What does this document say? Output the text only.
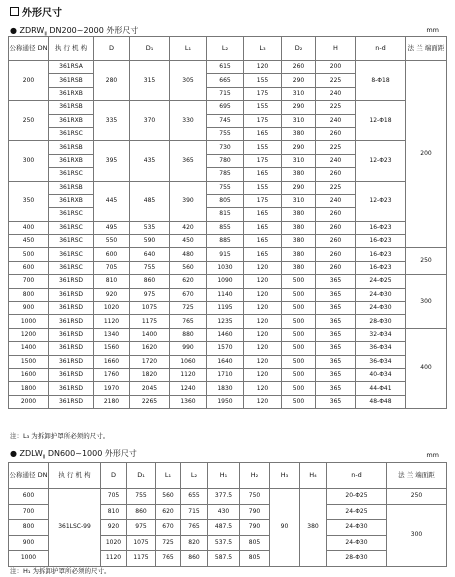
外形尺寸
● $ZDRW_Ⅱ$ DN200~2000 外形尺寸	mm
公称通径 DN	执 行 机 构	D	D₁	L₁	L₂	L₃	D₂	H	n-d	法 兰 端面距
200	361RSA	280	315	305	615	120	260	200	8-Φ18	200
	361RSB				665	155	290	225		
	361RXB				715	175	310	240		
250	361RSB	335	370	330	695	155	290	225	12-Φ18	
	361RXB				745	175	310	240		
	361RSC				755	165	380	260		
300	361RSB	395	435	365	730	155	290	225	12-Φ23	
	361RXB				780	175	310	240		
	361RSC				785	165	380	260		
350	361RSB	445	485	390	755	155	290	225	12-Φ23	
	361RXB				805	175	310	240		
	361RSC				815	165	380	260		
400	361RSC	495	535	420	855	165	380	260	16-Φ23	
450	361RSC	550	590	450	885	165	380	260	16-Φ23	
500	361RSC	600	640	480	915	165	380	260	16-Φ23	250
600	361RSC	705	755	560	1030	120	380	260	16-Φ23	
700	361RSD	810	860	620	1090	120	500	365	24-Φ25	300
800	361RSD	920	975	670	1140	120	500	365	24-Φ30	
900	361RSD	1020	1075	725	1195	120	500	365	24-Φ30	
1000	361RSD	1120	1175	765	1235	120	500	365	28-Φ30	
1200	361RSD	1340	1400	880	1460	120	500	365	32-Φ34	400
1400	361RSD	1560	1620	990	1570	120	500	365	36-Φ34	
1500	361RSD	1660	1720	1060	1640	120	500	365	36-Φ34	
1600	361RSD	1760	1820	1120	1710	120	500	365	40-Φ34	
1800	361RSD	1970	2045	1240	1830	120	500	365	44-Φ41	
2000	361RSD	2180	2265	1360	1950	120	500	365	48-Φ48	
注：L₃ 为拆卸护罩所必须的尺寸。
● $ZDLW_Ⅱ$ DN600~1000 外形尺寸	mm
公称通径 DN	执 行 机 构	D	D₁	L₁	L₂	H₁	H₂	H₃	H₄	n-d	法 兰 端面距
600	361LSC-99	705	755	560	655	377.5	750	90	380	20-Φ25	250
700		810	860	620	715	430	790			24-Φ25	300
800		920	975	670	765	487.5	790			24-Φ30	
900		1020	1075	725	820	537.5	805			24-Φ30	
1000		1120	1175	765	860	587.5	805			28-Φ30	
注：H₁ 为拆卸护罩所必须的尺寸。
